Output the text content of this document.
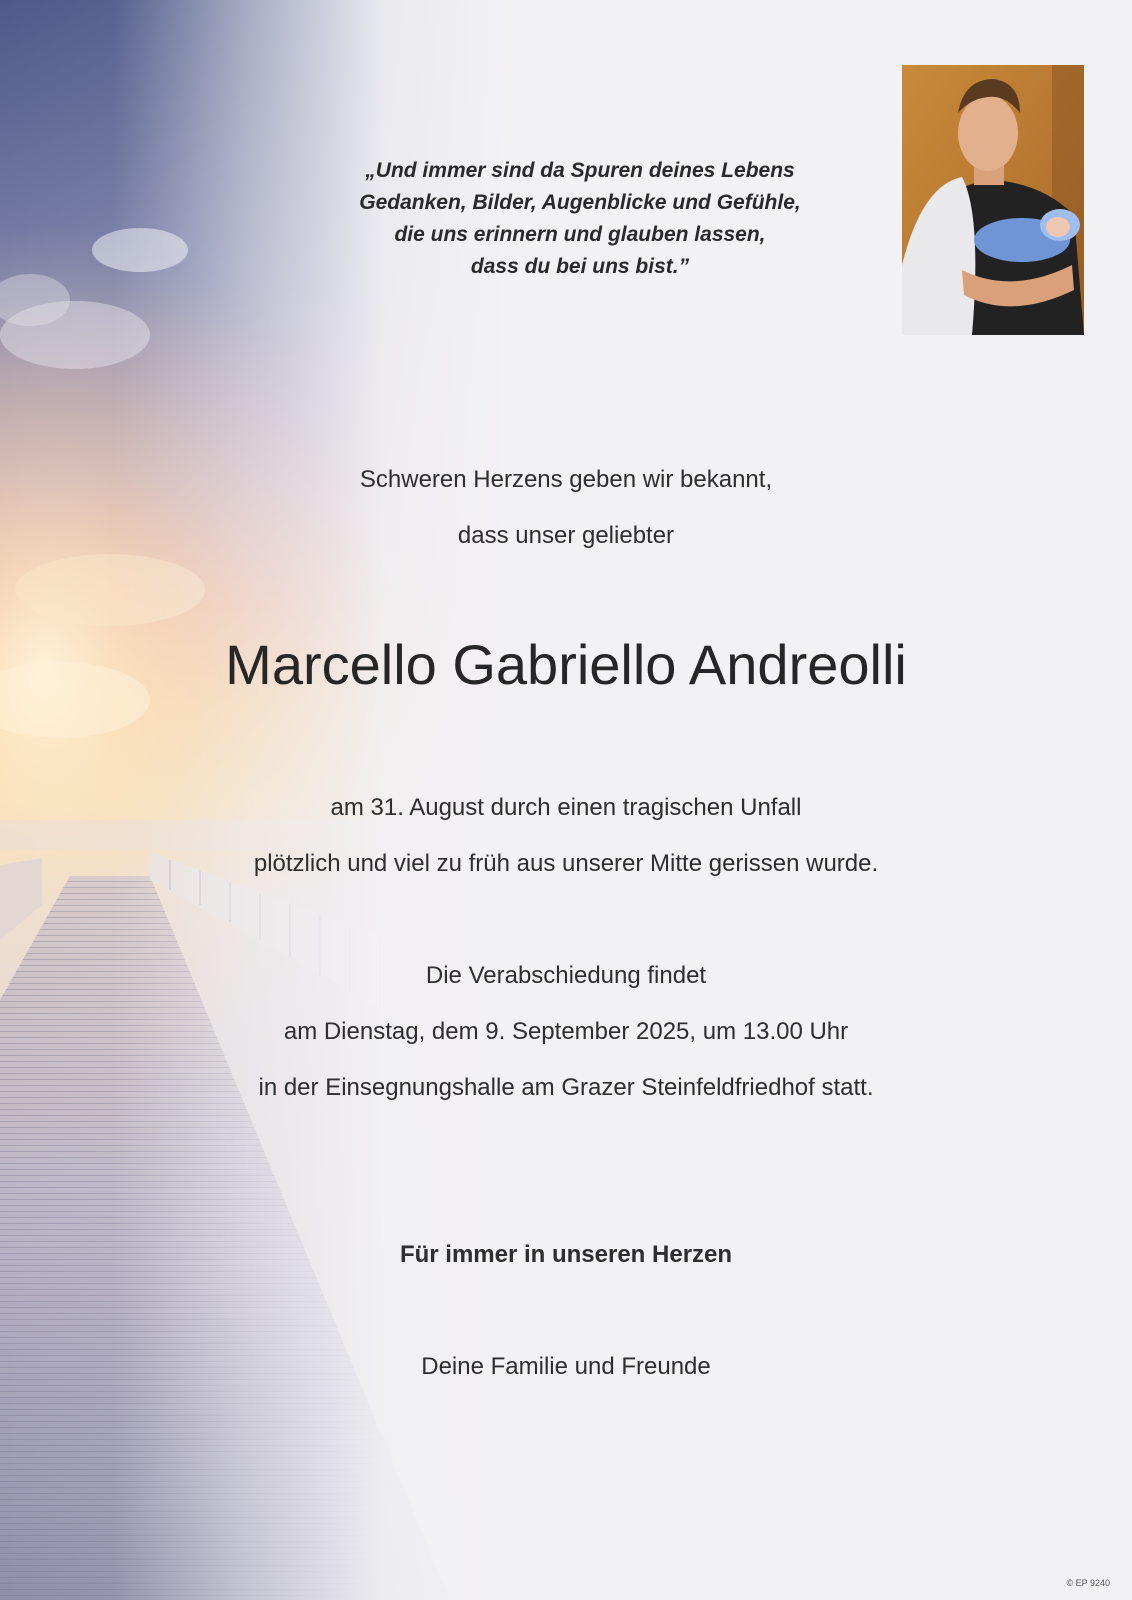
„Und immer sind da Spuren deines Lebens
Gedanken, Bilder, Augenblicke und Gefühle,
die uns erinnern und glauben lassen,
dass du bei uns bist.”
Schweren Herzens geben wir bekannt,
dass unser geliebter
Marcello Gabriello Andreolli
am 31. August durch einen tragischen Unfall
plötzlich und viel zu früh aus unserer Mitte gerissen wurde.
Die Verabschiedung findet
am Dienstag, dem 9. September 2025, um 13.00 Uhr
in der Einsegnungshalle am Grazer Steinfeldfriedhof statt.
Für immer in unseren Herzen
Deine Familie und Freunde
© EP 9240
